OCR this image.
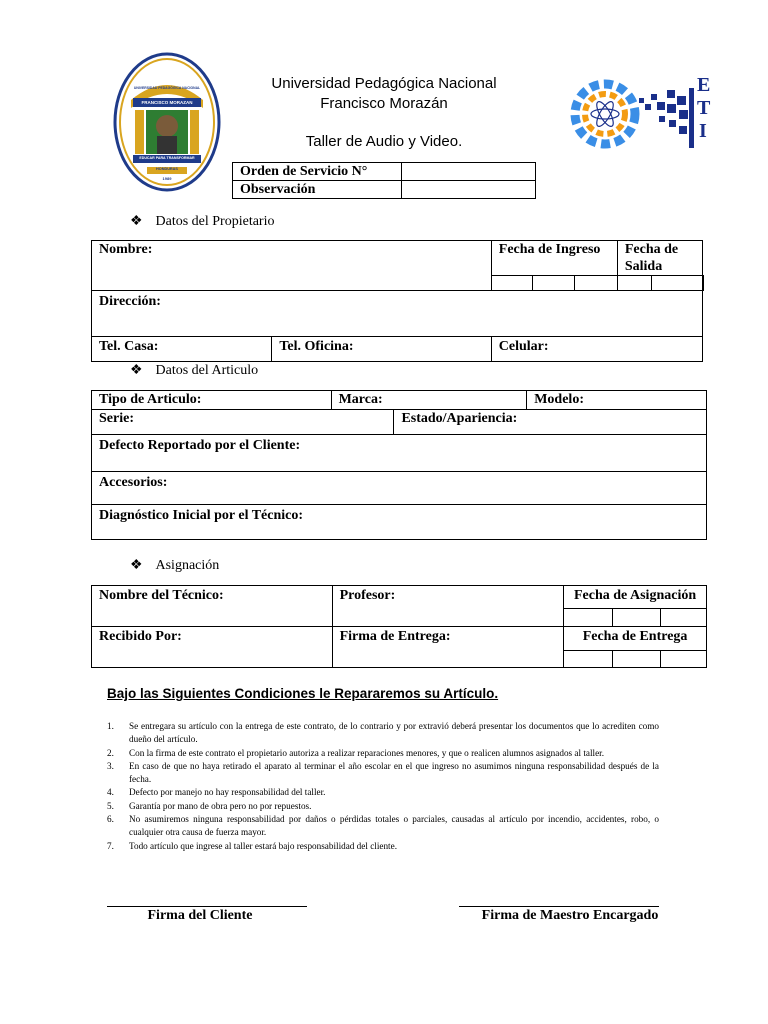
UNIVERSIDAD PEDAGÓGICA NACIONAL
FRANCISCO MORAZAN
EDUCAR PARA TRANSFORMAR
HONDURAS
1989
Universidad Pedagógica Nacional
Francisco Morazán
Taller de Audio y Video.
E
T
I
Orden de Servicio N°	
Observación	
❖ Datos del Propietario
Nombre:		Fecha de Ingreso			Fecha de Salida		

Dirección:							
Tel. Casa:	Tel. Oficina:	Celular:					
❖ Datos del Articulo
Tipo de Articulo:	Marca:		Modelo:
Serie:		Estado/Apariencia:	
Defecto Reportado por el Cliente:			
Accesorios:			
Diagnóstico Inicial por el Técnico:			
❖ Asignación
Nombre del Técnico:	Profesor:	Fecha de Asignación		

Recibido Por:	Firma de Entrega:	Fecha de Entrega		

Bajo las Siguientes Condiciones le Repararemos su Artículo.
1. Se entregara su artículo con la entrega de este contrato, de lo contrario y por extravió deberá presentar los documentos que lo acrediten como dueño del artículo.
2. Con la firma de este contrato el propietario autoriza a realizar reparaciones menores, y que o realicen alumnos asignados al taller.
3. En caso de que no haya retirado el aparato al terminar el año escolar en el que ingreso no asumimos ninguna responsabilidad después de la fecha.
4. Defecto por manejo no hay responsabilidad del taller.
5. Garantía por mano de obra pero no por repuestos.
6. No asumiremos ninguna responsabilidad por daños o pérdidas totales o parciales, causadas al artículo por incendio, accidentes, robo, o cualquier otra causa de fuerza mayor.
7. Todo artículo que ingrese al taller estará bajo responsabilidad del cliente.
Firma del Cliente	Firma de Maestro Encargado
